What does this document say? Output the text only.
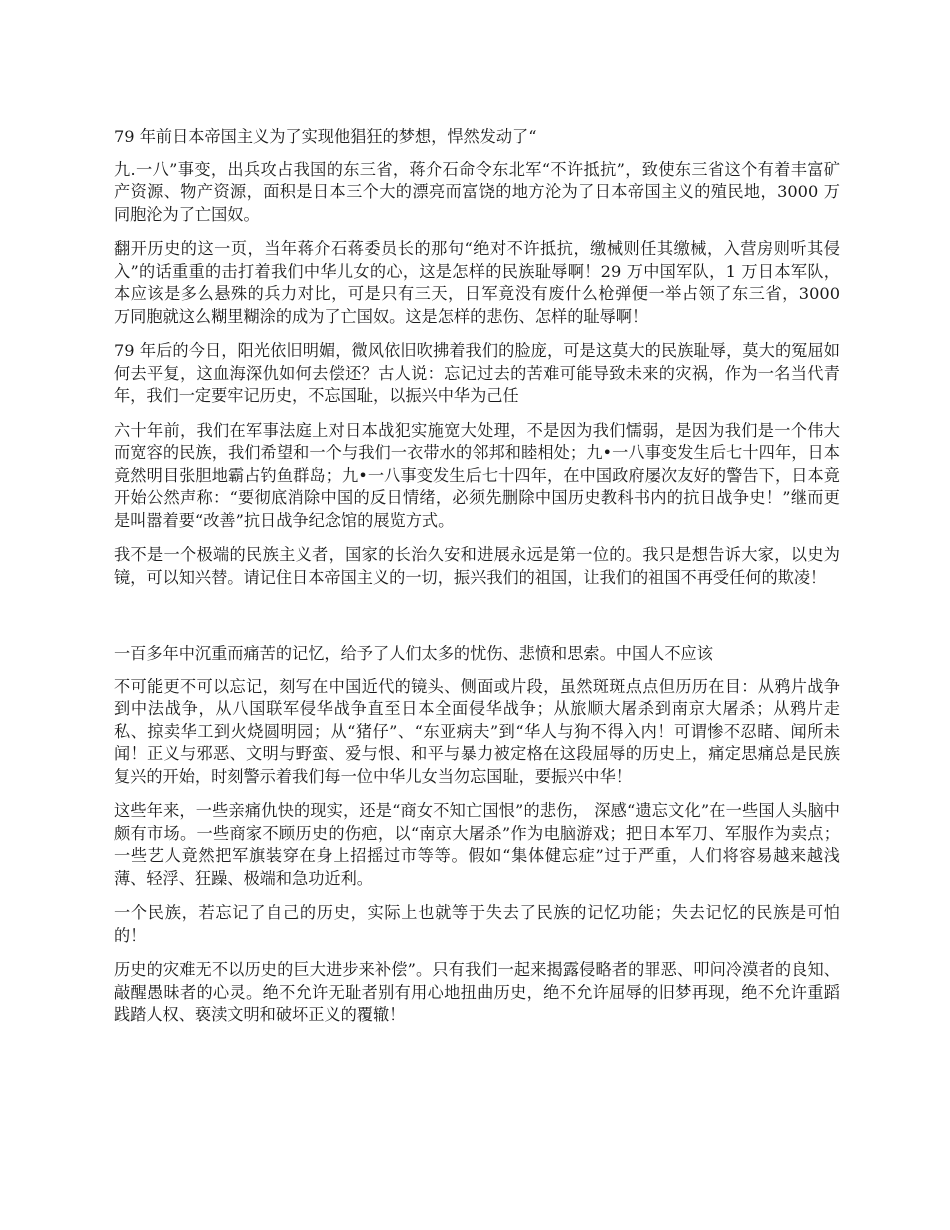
79 年前日本帝国主义为了实现他猖狂的梦想，悍然发动了“

九.一八”事变，出兵攻占我国的东三省，蒋介石命令东北军“不许抵抗”，致使东三省这个有着丰富矿产资源、物产资源，面积是日本三个大的漂亮而富饶的地方沦为了日本帝国主义的殖民地，3000 万同胞沦为了亡国奴。

翻开历史的这一页，当年蒋介石蒋委员长的那句“绝对不许抵抗，缴械则任其缴械，入营房则听其侵入”的话重重的击打着我们中华儿女的心，这是怎样的民族耻辱啊！29 万中国军队，1 万日本军队，本应该是多么悬殊的兵力对比，可是只有三天，日军竟没有废什么枪弹便一举占领了东三省，3000 万同胞就这么糊里糊涂的成为了亡国奴。这是怎样的悲伤、怎样的耻辱啊！

79 年后的今日，阳光依旧明媚，微风依旧吹拂着我们的脸庞，可是这莫大的民族耻辱，莫大的冤屈如何去平复，这血海深仇如何去偿还？古人说：忘记过去的苦难可能导致未来的灾祸，作为一名当代青年，我们一定要牢记历史，不忘国耻，以振兴中华为己任

六十年前，我们在军事法庭上对日本战犯实施宽大处理，不是因为我们懦弱，是因为我们是一个伟大而宽容的民族，我们希望和一个与我们一衣带水的邻邦和睦相处；九•一八事变发生后七十四年，日本竟然明目张胆地霸占钓鱼群岛；九•一八事变发生后七十四年，在中国政府屡次友好的警告下，日本竟开始公然声称：“要彻底消除中国的反日情绪，必须先删除中国历史教科书内的抗日战争史！”继而更是叫嚣着要“改善”抗日战争纪念馆的展览方式。

我不是一个极端的民族主义者，国家的长治久安和进展永远是第一位的。我只是想告诉大家，以史为镜，可以知兴替。请记住日本帝国主义的一切，振兴我们的祖国，让我们的祖国不再受任何的欺凌！

一百多年中沉重而痛苦的记忆，给予了人们太多的忧伤、悲愤和思索。中国人不应该

不可能更不可以忘记，刻写在中国近代的镜头、侧面或片段，虽然斑斑点点但历历在目：从鸦片战争到中法战争，从八国联军侵华战争直至日本全面侵华战争；从旅顺大屠杀到南京大屠杀；从鸦片走私、掠卖华工到火烧圆明园；从“猪仔”、“东亚病夫”到“华人与狗不得入内！可谓惨不忍睹、闻所未闻！正义与邪恶、文明与野蛮、爱与恨、和平与暴力被定格在这段屈辱的历史上，痛定思痛总是民族复兴的开始，时刻警示着我们每一位中华儿女当勿忘国耻，要振兴中华！

这些年来，一些亲痛仇快的现实，还是“商女不知亡国恨”的悲伤， 深感“遗忘文化”在一些国人头脑中颇有市场。一些商家不顾历史的伤疤，以“南京大屠杀”作为电脑游戏；把日本军刀、军服作为卖点；一些艺人竟然把军旗装穿在身上招摇过市等等。假如“集体健忘症”过于严重，人们将容易越来越浅薄、轻浮、狂躁、极端和急功近利。

一个民族，若忘记了自己的历史，实际上也就等于失去了民族的记忆功能；失去记忆的民族是可怕的！

历史的灾难无不以历史的巨大进步来补偿”。只有我们一起来揭露侵略者的罪恶、叩问冷漠者的良知、敲醒愚昧者的心灵。绝不允许无耻者别有用心地扭曲历史，绝不允许屈辱的旧梦再现，绝不允许重蹈践踏人权、亵渎文明和破坏正义的覆辙！
